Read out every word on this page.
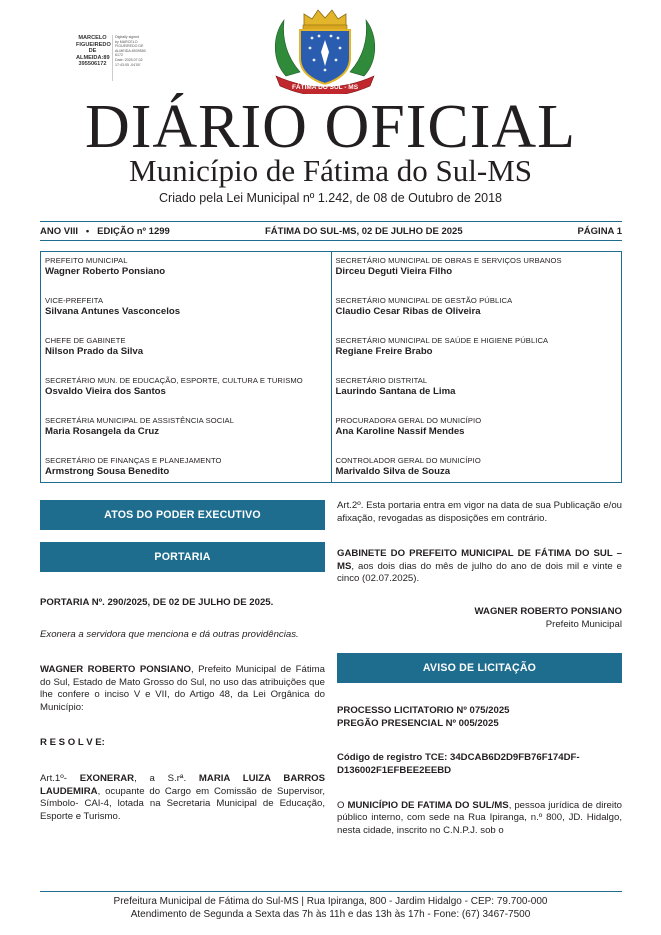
MARCELO
FIGUEIREDO
DE
ALMEIDA:89
395506172
Digitally signed
by MARCELO
FIGUEIREDO DE
ALMEIDA:8939550
6172
Date: 2025.07.02
17:43:05 -04'00'
FÁTIMA DO SUL - MS
DIÁRIO OFICIAL
Município de Fátima do Sul-MS
Criado pela Lei Municipal nº 1.242, de 08 de Outubro de 2018
ANO VIII   •   EDIÇÃO nº 1299	FÁTIMA DO SUL-MS, 02 DE JULHO DE 2025	PÁGINA 1
PREFEITO MUNICIPAL
Wagner Roberto Ponsiano
VICE-PREFEITA
Silvana Antunes Vasconcelos
CHEFE DE GABINETE
Nilson Prado da Silva
SECRETÁRIO MUN. DE EDUCAÇÃO, ESPORTE, CULTURA E TURISMO
Osvaldo Vieira dos Santos
SECRETÁRIA MUNICIPAL DE ASSISTÊNCIA SOCIAL
Maria Rosangela da Cruz
SECRETÁRIO DE FINANÇAS E PLANEJAMENTO
Armstrong Sousa Benedito
SECRETÁRIO MUNICIPAL DE OBRAS E SERVIÇOS URBANOS
Dirceu Deguti Vieira Filho
SECRETÁRIO MUNICIPAL DE GESTÃO PÚBLICA
Claudio Cesar Ribas de Oliveira
SECRETÁRIO MUNICIPAL DE SAÚDE E HIGIENE PÚBLICA
Regiane Freire Brabo
SECRETÁRIO DISTRITAL
Laurindo Santana de Lima
PROCURADORA GERAL DO MUNICÍPIO
Ana Karoline Nassif Mendes
CONTROLADOR GERAL DO MUNICÍPIO
Marivaldo Silva de Souza
ATOS DO PODER EXECUTIVO
PORTARIA
PORTARIA Nº. 290/2025, DE 02 DE JULHO DE 2025.
Exonera a servidora que menciona e dá outras providências.
WAGNER ROBERTO PONSIANO, Prefeito Municipal de Fátima do Sul, Estado de Mato Grosso do Sul, no uso das atribuições que lhe confere o inciso V e VII, do Artigo 48, da Lei Orgânica do Município:
R E S O L V E:
Art.1º- EXONERAR, a S.rª. MARIA LUIZA BARROS LAUDEMIRA, ocupante do Cargo em Comissão de Supervisor, Símbolo- CAI-4, lotada na Secretaria Municipal de Educação, Esporte e Turismo.
Art.2º. Esta portaria entra em vigor na data de sua Publicação e/ou afixação, revogadas as disposições em contrário.
GABINETE DO PREFEITO MUNICIPAL DE FÁTIMA DO SUL – MS, aos dois dias do mês de julho do ano de dois mil e vinte e cinco (02.07.2025).
WAGNER ROBERTO PONSIANO
Prefeito Municipal
AVISO DE LICITAÇÃO
PROCESSO LICITATORIO Nº 075/2025
PREGÃO PRESENCIAL Nº 005/2025
Código de registro TCE: 34DCAB6D2D9FB76F174DF-D136002F1EFBEE2EEBD
O MUNICÍPIO DE FATIMA DO SUL/MS, pessoa jurídica de direito público interno, com sede na Rua Ipiranga, n.º 800, JD. Hidalgo, nesta cidade, inscrito no C.N.P.J. sob o
Prefeitura Municipal de Fátima do Sul-MS | Rua Ipiranga, 800 - Jardim Hidalgo - CEP: 79.700-000
Atendimento de Segunda a Sexta das 7h às 11h e das 13h às 17h - Fone: (67) 3467-7500
